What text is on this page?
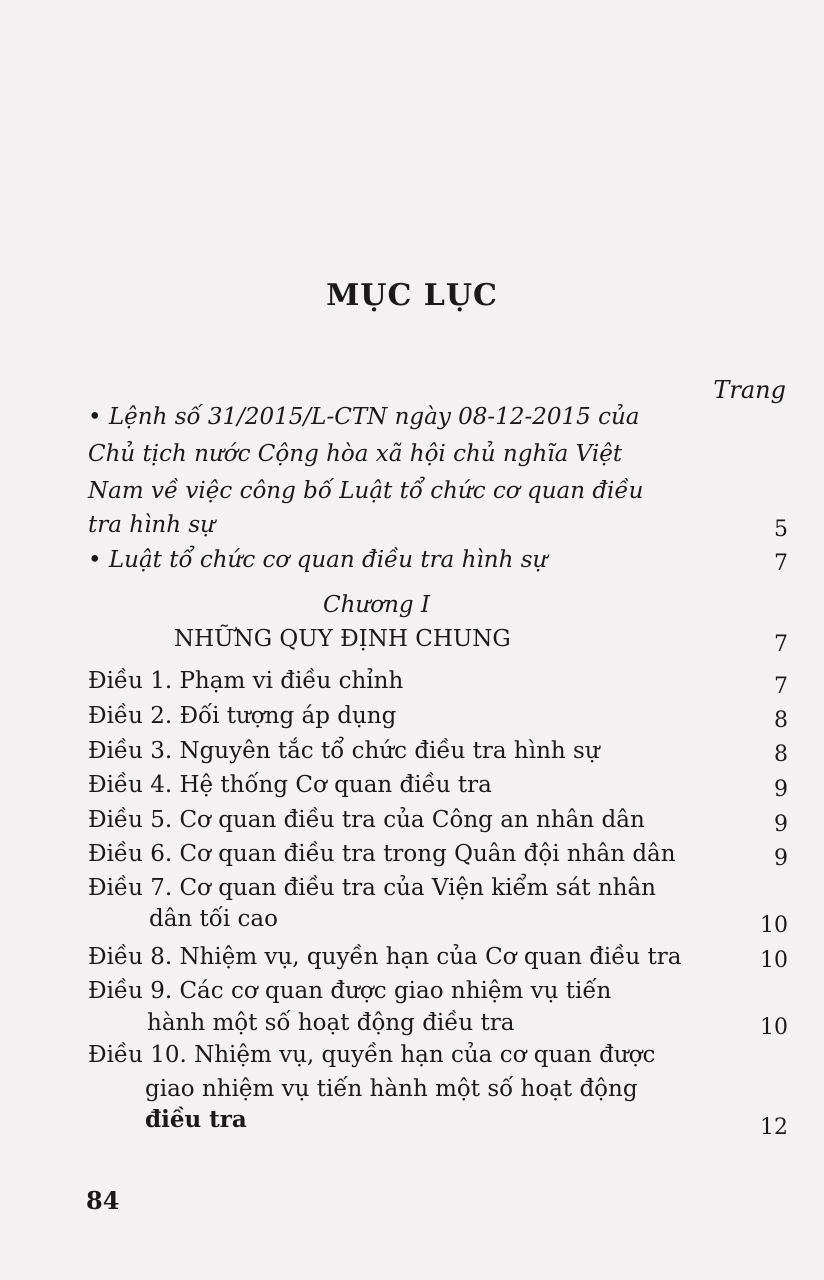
MỤC LỤC
Trang
• Lệnh số 31/2015/L-CTN ngày 08-12-2015 của
Chủ tịch nước Cộng hòa xã hội chủ nghĩa Việt
Nam về việc công bố Luật tổ chức cơ quan điều
tra hình sự	5
• Luật tổ chức cơ quan điều tra hình sự	7
Chương I
NHỮNG QUY ĐỊNH CHUNG	7
Điều 1. Phạm vi điều chỉnh	7
Điều 2. Đối tượng áp dụng	8
Điều 3. Nguyên tắc tổ chức điều tra hình sự	8
Điều 4. Hệ thống Cơ quan điều tra	9
Điều 5. Cơ quan điều tra của Công an nhân dân	9
Điều 6. Cơ quan điều tra trong Quân đội nhân dân	9
Điều 7. Cơ quan điều tra của Viện kiểm sát nhân
dân tối cao	10
Điều 8. Nhiệm vụ, quyền hạn của Cơ quan điều tra	10
Điều 9. Các cơ quan được giao nhiệm vụ tiến
hành một số hoạt động điều tra	10
Điều 10. Nhiệm vụ, quyền hạn của cơ quan được
giao nhiệm vụ tiến hành một số hoạt động
điều tra	12
84
